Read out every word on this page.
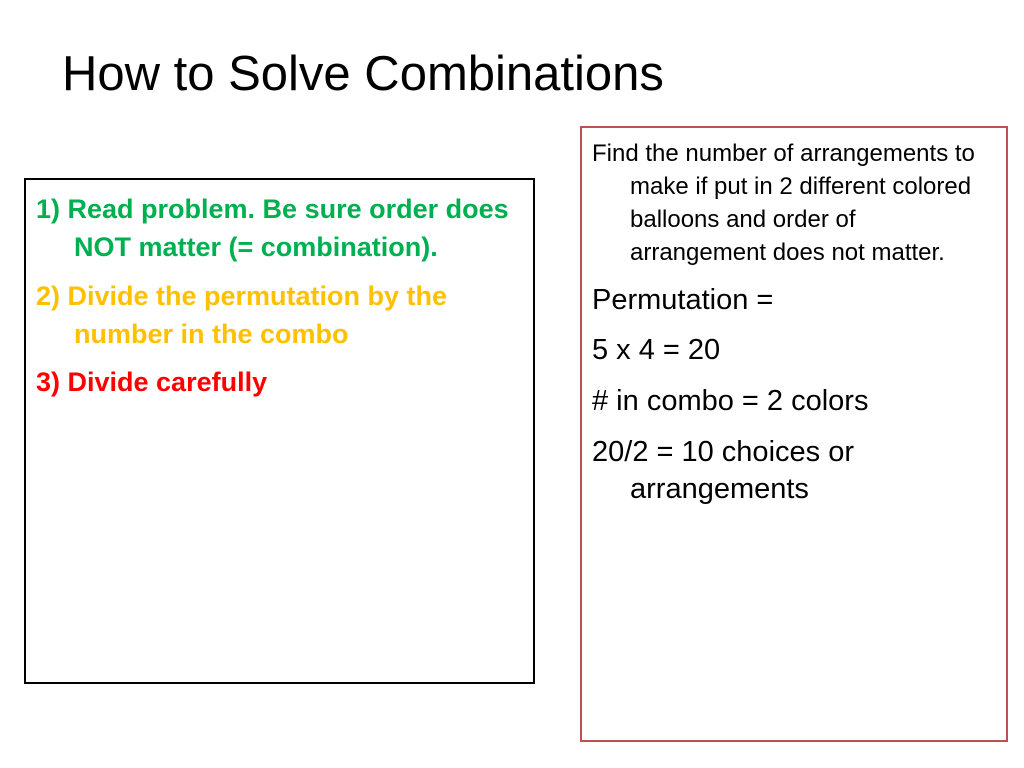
How to Solve Combinations

1) Read problem. Be sure order does NOT matter (= combination).

2) Divide the permutation by the number in the combo

3) Divide carefully

Find the number of arrangements to make if put in 2 different colored balloons and order of arrangement does not matter.

Permutation =

5 x 4 = 20

# in combo = 2 colors

20/2 = 10 choices or arrangements
